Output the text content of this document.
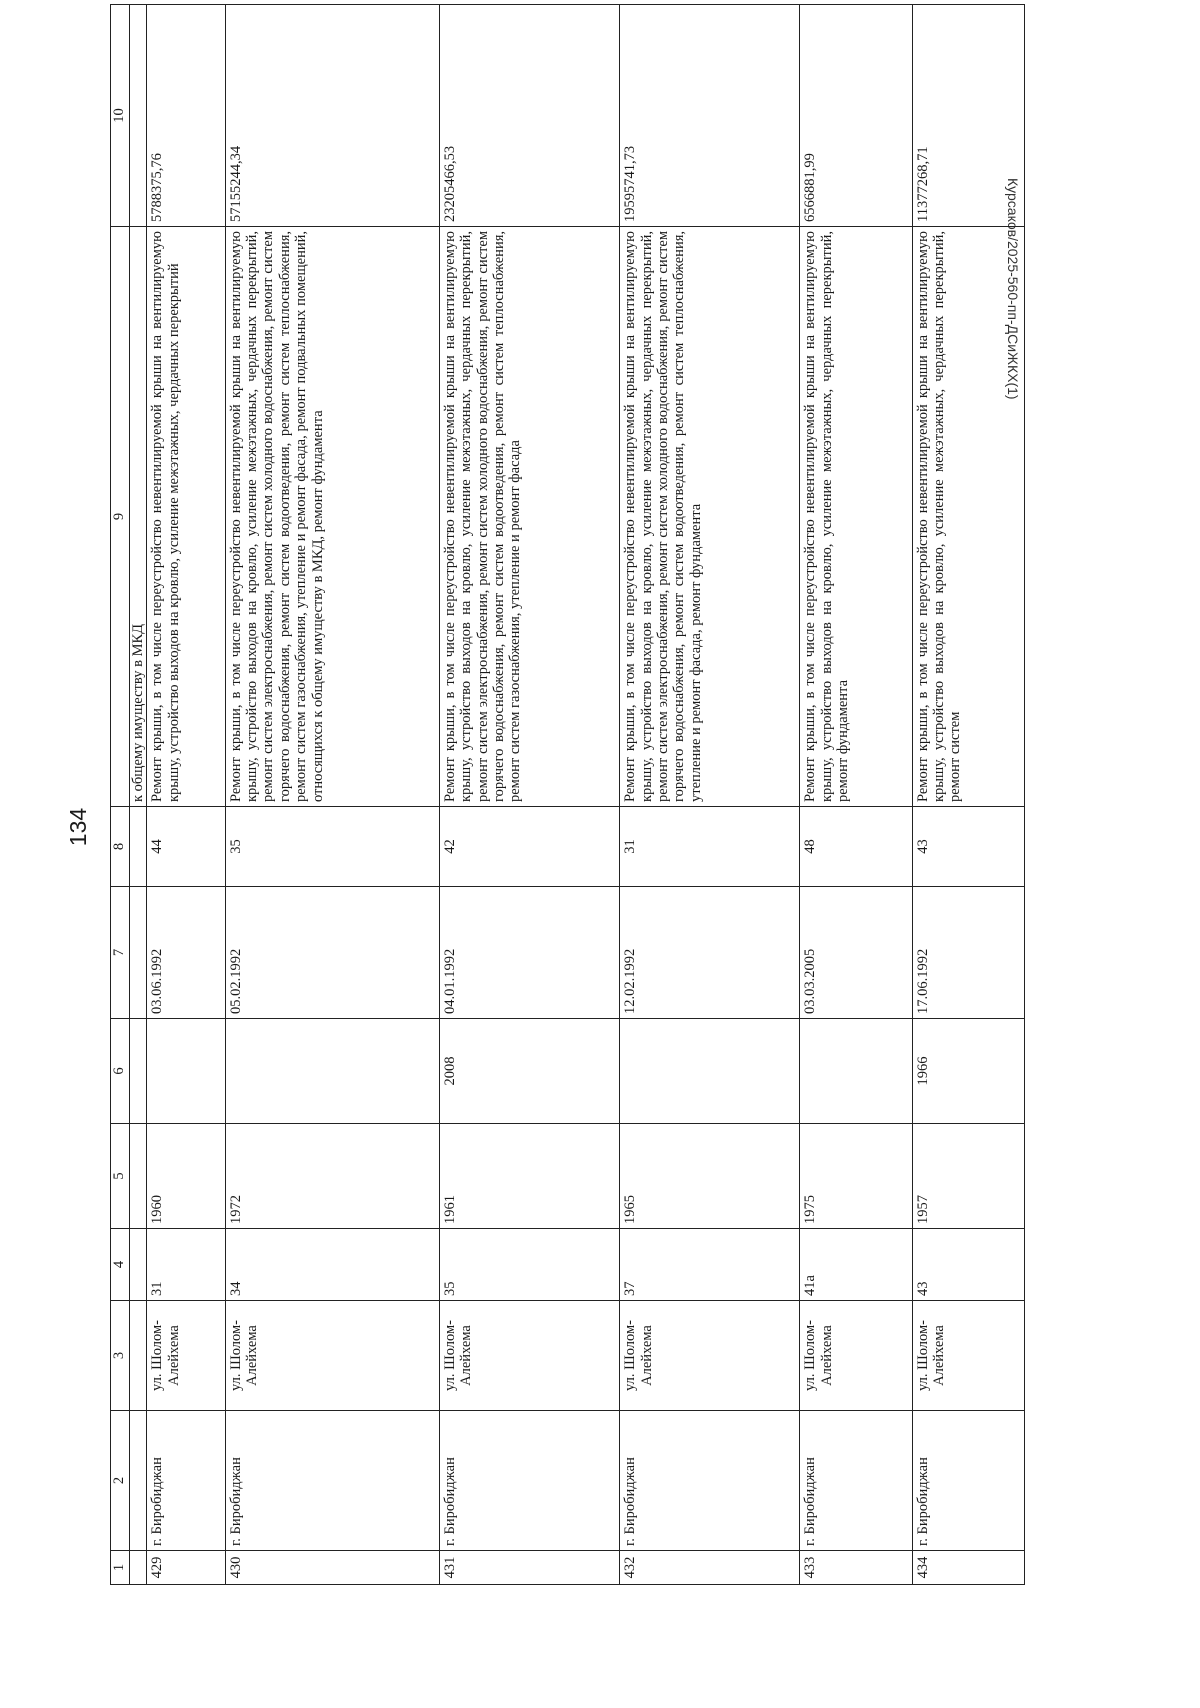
134
Курсаков/2025-560-пп-ДСиЖКХ(1)
1	2	3	4	5	6	7	8	9	10
								к общему имуществу в МКД	
429	г. Биробиджан	ул. Шолом-Алейхема	31	1960		03.06.1992	44	Ремонт крыши, в том числе переустройство невентилируемой крыши на вентилируемую крышу, устройство выходов на кровлю, усиление межэтажных, чердачных перекрытий	5788375,76
430	г. Биробиджан	ул. Шолом-Алейхема	34	1972		05.02.1992	35	Ремонт крыши, в том числе переустройство невентилируемой крыши на вентилируемую крышу, устройство выходов на кровлю, усиление межэтажных, чердачных перекрытий, ремонт систем электроснабжения, ремонт систем холодного водоснабжения, ремонт систем горячего водоснабжения, ремонт систем водоотведения, ремонт систем теплоснабжения, ремонт систем газоснабжения, утепление и ремонт фасада, ремонт подвальных помещений, относящихся к общему имуществу в МКД, ремонт фундамента	57155244,34
431	г. Биробиджан	ул. Шолом-Алейхема	35	1961	2008	04.01.1992	42	Ремонт крыши, в том числе переустройство невентилируемой крыши на вентилируемую крышу, устройство выходов на кровлю, усиление межэтажных, чердачных перекрытий, ремонт систем электроснабжения, ремонт систем холодного водоснабжения, ремонт систем горячего водоснабжения, ремонт систем водоотведения, ремонт систем теплоснабжения, ремонт систем газоснабжения, утепление и ремонт фасада	23205466,53
432	г. Биробиджан	ул. Шолом-Алейхема	37	1965		12.02.1992	31	Ремонт крыши, в том числе переустройство невентилируемой крыши на вентилируемую крышу, устройство выходов на кровлю, усиление межэтажных, чердачных перекрытий, ремонт систем электроснабжения, ремонт систем холодного водоснабжения, ремонт систем горячего водоснабжения, ремонт систем водоотведения, ремонт систем теплоснабжения, утепление и ремонт фасада, ремонт фундамента	19595741,73
433	г. Биробиджан	ул. Шолом-Алейхема	41а	1975		03.03.2005	48	Ремонт крыши, в том числе переустройство невентилируемой крыши на вентилируемую крышу, устройство выходов на кровлю, усиление межэтажных, чердачных перекрытий, ремонт фундамента	6566881,99
434	г. Биробиджан	ул. Шолом-Алейхема	43	1957	1966	17.06.1992	43	Ремонт крыши, в том числе переустройство невентилируемой крыши на вентилируемую крышу, устройство выходов на кровлю, усиление межэтажных, чердачных перекрытий, ремонт систем	11377268,71
